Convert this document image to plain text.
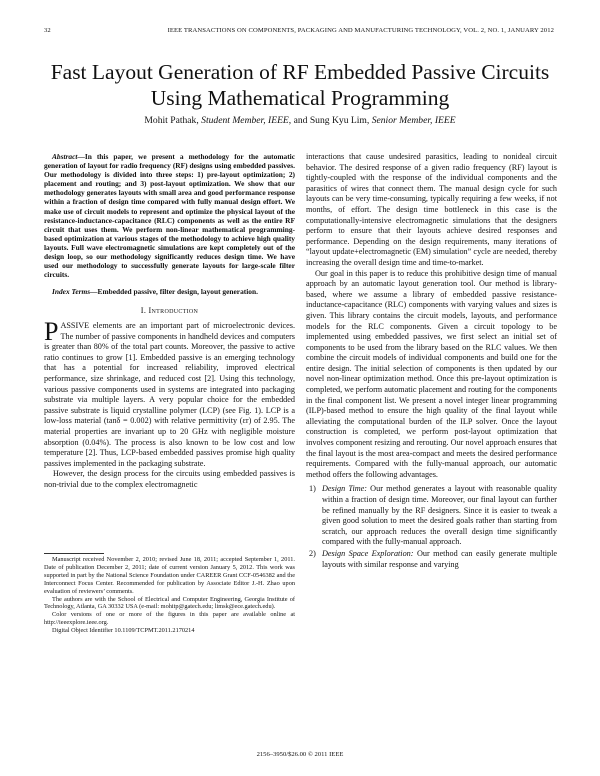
32	IEEE TRANSACTIONS ON COMPONENTS, PACKAGING AND MANUFACTURING TECHNOLOGY, VOL. 2, NO. 1, JANUARY 2012
Fast Layout Generation of RF Embedded Passive Circuits Using Mathematical Programming
Mohit Pathak, Student Member, IEEE, and Sung Kyu Lim, Senior Member, IEEE
Abstract—In this paper, we present a methodology for the automatic generation of layout for radio frequency (RF) designs using embedded passives. Our methodology is divided into three steps: 1) pre-layout optimization; 2) placement and routing; and 3) post-layout optimization. We show that our methodology generates layouts with small area and good performance response within a fraction of design time compared with fully manual design effort. We make use of circuit models to represent and optimize the physical layout of the resistance-inductance-capacitance (RLC) components as well as the entire RF circuit that uses them. We perform non-linear mathematical programming-based optimization at various stages of the methodology to achieve high quality layouts. Full wave electromagnetic simulations are kept completely out of the design loop, so our methodology significantly reduces design time. We have used our methodology to successfully generate layouts for large-scale filter circuits.
Index Terms—Embedded passive, filter design, layout generation.
I. Introduction

PASSIVE elements are an important part of microelectronic devices. The number of passive components in handheld devices and computers is greater than 80% of the total part counts. Moreover, the passive to active ratio continues to grow [1]. Embedded passive is an emerging technology that has a potential for increased reliability, improved electrical performance, size shrinkage, and reduced cost [2]. Using this technology, various passive components used in systems are integrated into packaging substrate via multiple layers. A very popular choice for the embedded passive substrate is liquid crystalline polymer (LCP) (see Fig. 1). LCP is a low-loss material (tanδ = 0.002) with relative permittivity (εr) of 2.95. The material properties are invariant up to 20 GHz with negligible moisture absorption (0.04%). The process is also known to be low cost and low temperature [2]. Thus, LCP-based embedded passives promise high quality passives implemented in the packaging substrate.

However, the design process for the circuits using embedded passives is non-trivial due to the complex electromagnetic

Manuscript received November 2, 2010; revised June 18, 2011; accepted September 1, 2011. Date of publication December 2, 2011; date of current version January 5, 2012. This work was supported in part by the National Science Foundation under CAREER Grant CCF-0546382 and the Interconnect Focus Center. Recommended for publication by Associate Editor J.-H. Zhao upon evaluation of reviewers’ comments.

The authors are with the School of Electrical and Computer Engineering, Georgia Institute of Technology, Atlanta, GA 30332 USA (e-mail: mohitp@gatech.edu; limsk@ece.gatech.edu).

Color versions of one or more of the figures in this paper are available online at http://ieeexplore.ieee.org.

Digital Object Identifier 10.1109/TCPMT.2011.2170214

interactions that cause undesired parasitics, leading to nonideal circuit behavior. The desired response of a given radio frequency (RF) layout is tightly-coupled with the response of the individual components and the parasitics of wires that connect them. The manual design cycle for such layouts can be very time-consuming, typically requiring a few weeks, if not months, of effort. The design time bottleneck in this case is the computationally-intensive electromagnetic simulations that the designers perform to ensure that their layouts achieve desired responses and performance. Depending on the design requirements, many iterations of “layout update+electromagnetic (EM) simulation” cycle are needed, thereby increasing the overall design time and time-to-market.

Our goal in this paper is to reduce this prohibitive design time of manual approach by an automatic layout generation tool. Our method is library-based, where we assume a library of embedded passive resistance-inductance-capacitance (RLC) components with varying values and sizes is given. This library contains the circuit models, layouts, and performance models for the RLC components. Given a circuit topology to be implemented using embedded passives, we first select an initial set of components to be used from the library based on the RLC values. We then combine the circuit models of individual components and build one for the entire design. The initial selection of components is then updated by our novel non-linear optimization method. Once this pre-layout optimization is completed, we perform automatic placement and routing for the components in the final component list. We present a novel integer linear programming (ILP)-based method to ensure the high quality of the final layout while alleviating the computational burden of the ILP solver. Once the layout construction is completed, we perform post-layout optimization that involves component resizing and rerouting. Our novel approach ensures that the final layout is the most area-compact and meets the desired performance requirements. Compared with the fully-manual approach, our automatic method offers the following advantages.

1) Design Time: Our method generates a layout with reasonable quality within a fraction of design time. Moreover, our final layout can further be refined manually by the RF designers. Since it is easier to tweak a given good solution to meet the desired goals rather than starting from scratch, our approach reduces the overall design time significantly compared with the fully-manual approach.
2) Design Space Exploration: Our method can easily generate multiple layouts with similar response and varying
2156–3950/$26.00 © 2011 IEEE
